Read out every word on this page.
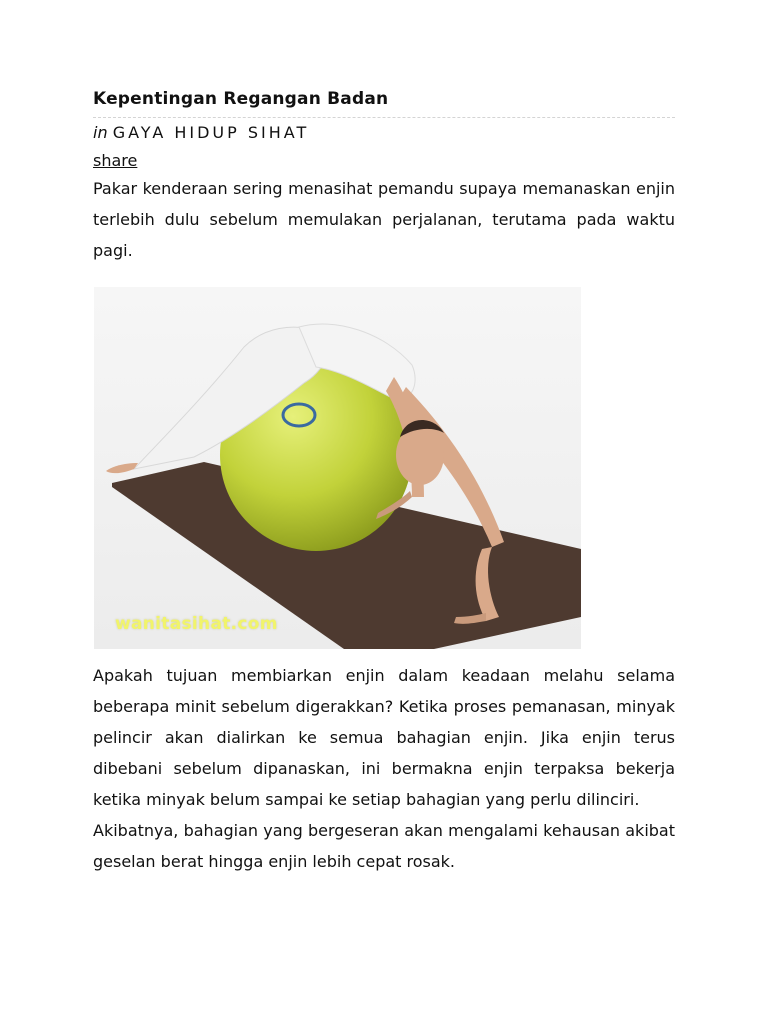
Kepentingan Regangan Badan

in GAYA HIDUP SIHAT

share

Pakar kenderaan sering menasihat pemandu supaya memanaskan enjin terlebih dulu sebelum memulakan perjalanan, terutama pada waktu pagi.

wanitasihat.com

Apakah tujuan membiarkan enjin dalam keadaan melahu selama beberapa minit sebelum digerakkan? Ketika proses pemanasan, minyak pelincir akan dialirkan ke semua bahagian enjin. Jika enjin terus dibebani sebelum dipanaskan, ini bermakna enjin terpaksa bekerja ketika minyak belum sampai ke setiap bahagian yang perlu dilinciri.

Akibatnya, bahagian yang bergeseran akan mengalami kehausan akibat geselan berat hingga enjin lebih cepat rosak.
